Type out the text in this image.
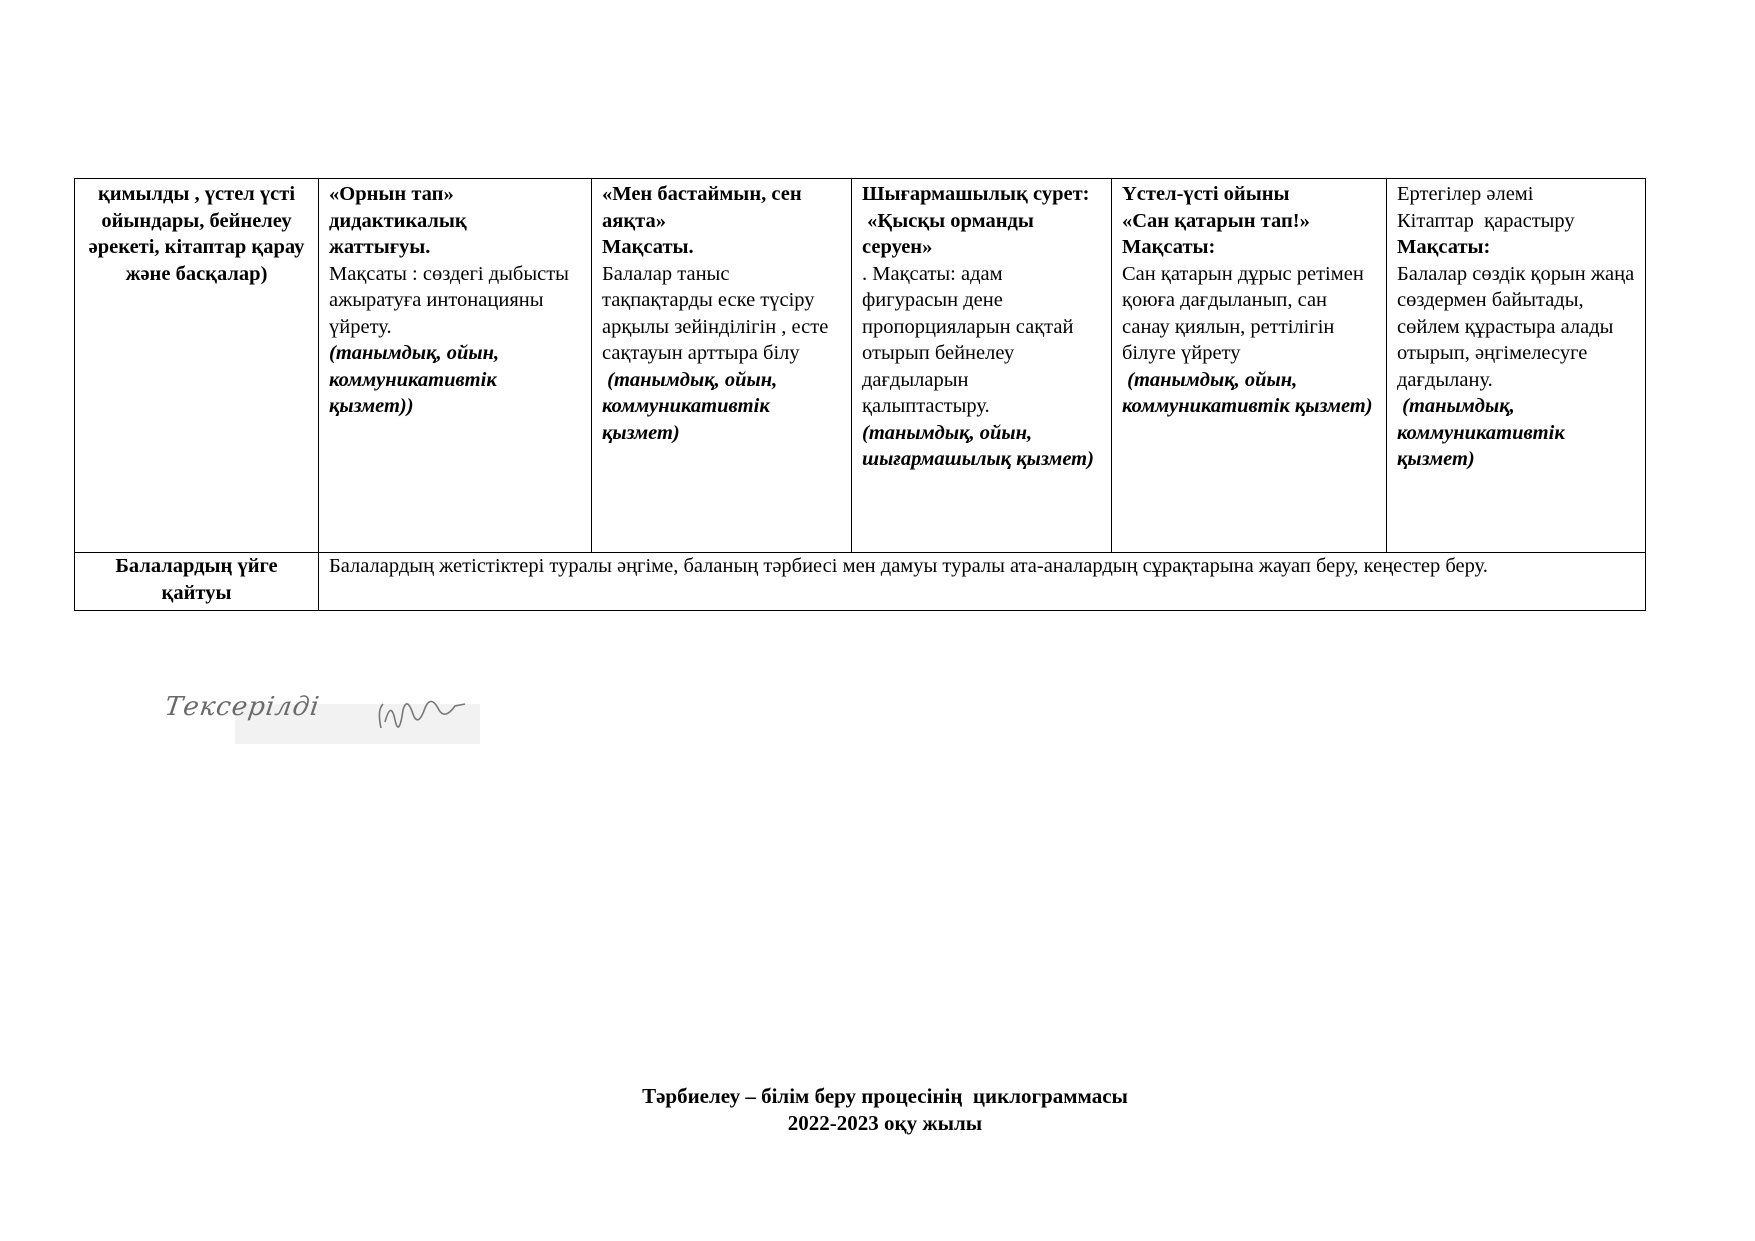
қимылды , үстел үсті ойындары, бейнелеу әрекеті, кітаптар қарау және басқалар)	«Орнын тап»
дидактикалық
жаттығуы.
Мақсаты : сөздегі дыбысты ажыратуға интонацияны үйрету.
(танымдық, ойын, коммуникативтік қызмет))	«Мен бастаймын, сен аяқта»
Мақсаты.
Балалар таныс тақпақтарды еске түсіру арқылы зейінділігін , есте сақтауын арттыра білу
(танымдық, ойын, коммуникативтік қызмет)	Шығармашылық сурет:
«Қысқы орманды серуен»
. Мақсаты: адам фигурасын дене пропорцияларын сақтай отырып бейнелеу дағдыларын қалыптастыру.
(танымдық, ойын, шығармашылық қызмет)	Үстел-үсті ойыны
«Сан қатарын тап!»
Мақсаты:
Сан қатарын дұрыс ретімен қоюға дағдыланып, сан санау қиялын, реттілігін білуге үйрету
(танымдық, ойын, коммуникативтік қызмет)	Ертегілер әлемі
Кітаптар  қарастыру
Мақсаты:
Балалар сөздік қорын жаңа сөздермен байытады, сөйлем құрастыра алады отырып, әңгімелесуге дағдылану.
(танымдық, коммуникативтік қызмет)

Балалардың үйге қайтуы	Балалардың жетістіктері туралы әңгіме, баланың тәрбиесі мен дамуы туралы ата-аналардың сұрақтарына жауап беру, кеңестер беру.				
Тексерілді
Тәрбиелеу – білім беру процесінің  циклограммасы
2022-2023 оқу жылы
